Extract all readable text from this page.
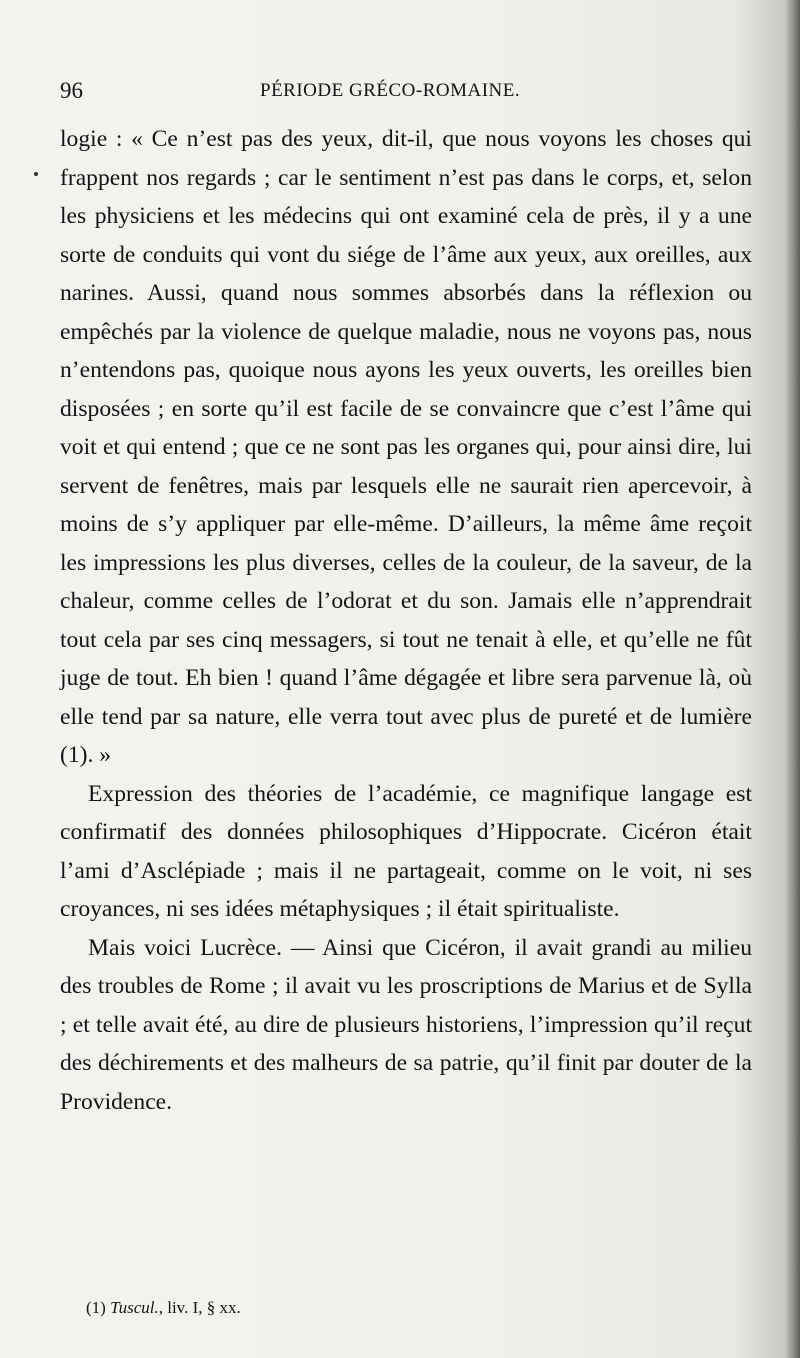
96	PÉRIODE GRÉCO-ROMAINE.

logie : « Ce n’est pas des yeux, dit-il, que nous voyons les choses qui frappent nos regards ; car le sentiment n’est pas dans le corps, et, selon les physiciens et les médecins qui ont examiné cela de près, il y a une sorte de conduits qui vont du siége de l’âme aux yeux, aux oreilles, aux narines. Aussi, quand nous sommes absorbés dans la réflexion ou empêchés par la violence de quelque maladie, nous ne voyons pas, nous n’entendons pas, quoique nous ayons les yeux ouverts, les oreilles bien disposées ; en sorte qu’il est facile de se convaincre que c’est l’âme qui voit et qui entend ; que ce ne sont pas les organes qui, pour ainsi dire, lui servent de fenêtres, mais par lesquels elle ne saurait rien apercevoir, à moins de s’y appliquer par elle-même. D’ailleurs, la même âme reçoit les impressions les plus diverses, celles de la couleur, de la saveur, de la chaleur, comme celles de l’odorat et du son. Jamais elle n’apprendrait tout cela par ses cinq messagers, si tout ne tenait à elle, et qu’elle ne fût juge de tout. Eh bien ! quand l’âme dégagée et libre sera parvenue là, où elle tend par sa nature, elle verra tout avec plus de pureté et de lumière (1). »

Expression des théories de l’académie, ce magnifique langage est confirmatif des données philosophiques d’Hippocrate. Cicéron était l’ami d’Asclépiade ; mais il ne partageait, comme on le voit, ni ses croyances, ni ses idées métaphysiques ; il était spiritualiste.

Mais voici Lucrèce. — Ainsi que Cicéron, il avait grandi au milieu des troubles de Rome ; il avait vu les proscriptions de Marius et de Sylla ; et telle avait été, au dire de plusieurs historiens, l’impression qu’il reçut des déchirements et des malheurs de sa patrie, qu’il finit par douter de la Providence.

(1) Tuscul., liv. I, § xx.
